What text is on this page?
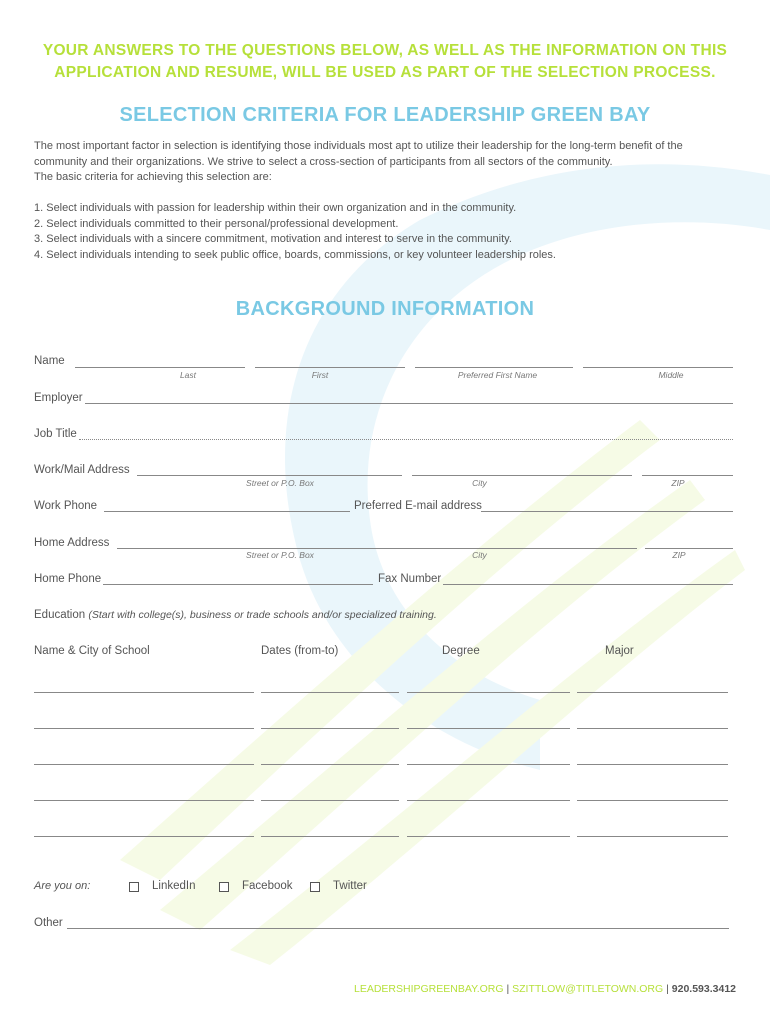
YOUR ANSWERS TO THE QUESTIONS BELOW, AS WELL AS THE INFORMATION ON THIS
APPLICATION AND RESUME, WILL BE USED AS PART OF THE SELECTION PROCESS.
SELECTION CRITERIA FOR LEADERSHIP GREEN BAY
The most important factor in selection is identifying those individuals most apt to utilize their leadership for the long-term benefit of the
community and their organizations. We strive to select a cross-section of participants from all sectors of the community.
The basic criteria for achieving this selection are:
1. Select individuals with passion for leadership within their own organization and in the community.
2. Select individuals committed to their personal/professional development.
3. Select individuals with a sincere commitment, motivation and interest to serve in the community.
4. Select individuals intending to seek public office, boards, commissions, or key volunteer leadership roles.
BACKGROUND INFORMATION
Name
Last	First	Preferred First Name	Middle
Employer
Job Title
Work/Mail Address
Street or P.O. Box	City	ZIP
Work Phone	Preferred E-mail address
Home Address
Street or P.O. Box	City	ZIP
Home Phone	Fax Number
Education (Start with college(s), business or trade schools and/or specialized training.
Name & City of School	Dates (from-to)	Degree	Major
Are you on:	LinkedIn	Facebook	Twitter
Other
LEADERSHIPGREENBAY.ORG | SZITTLOW@TITLETOWN.ORG | 920.593.3412
